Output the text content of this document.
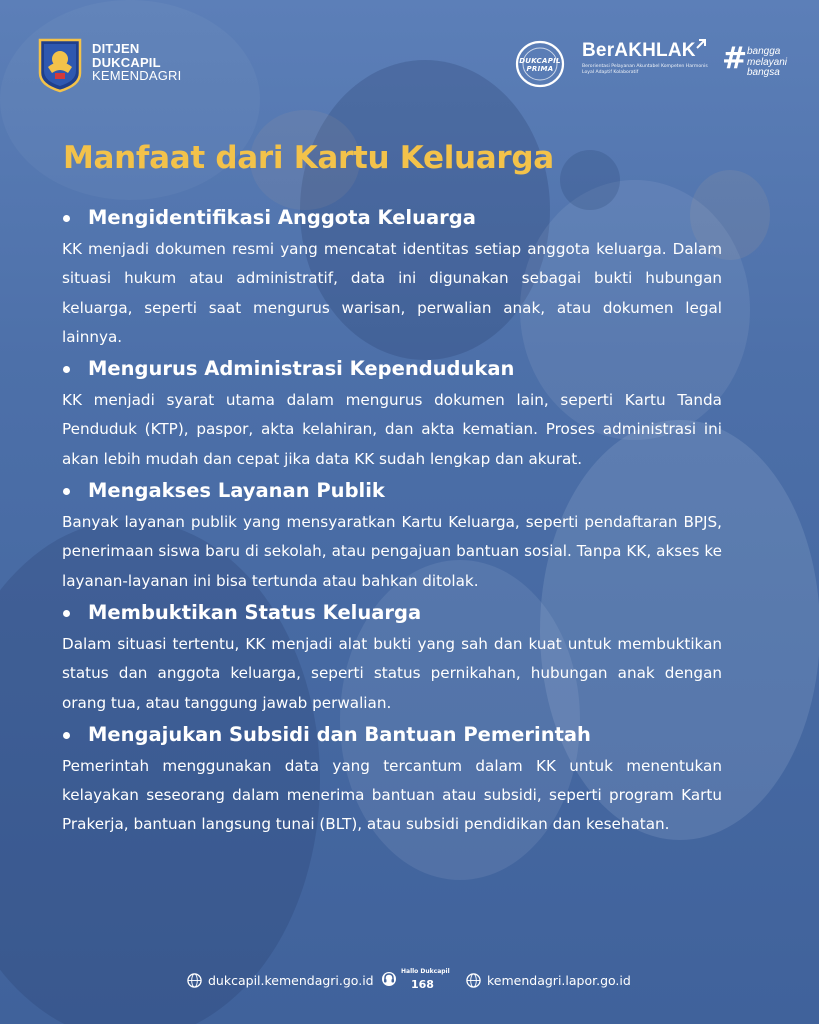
DITJEN
DUKCAPIL
KEMENDAGRI
DUKCAPIL PRIMA
BerAKHLAK
Berorientasi Pelayanan Akuntabel Kompeten Harmonis Loyal Adaptif Kolaboratif	# bangga
melayani
bangsa
Manfaat dari Kartu Keluarga
Mengidentifikasi Anggota Keluarga
KK menjadi dokumen resmi yang mencatat identitas setiap anggota keluarga. Dalam situasi hukum atau administratif, data ini digunakan sebagai bukti hubungan keluarga, seperti saat mengurus warisan, perwalian anak, atau dokumen legal lainnya.
Mengurus Administrasi Kependudukan
KK menjadi syarat utama dalam mengurus dokumen lain, seperti Kartu Tanda Penduduk (KTP), paspor, akta kelahiran, dan akta kematian. Proses administrasi ini akan lebih mudah dan cepat jika data KK sudah lengkap dan akurat.
Mengakses Layanan Publik
Banyak layanan publik yang mensyaratkan Kartu Keluarga, seperti pendaftaran BPJS, penerimaan siswa baru di sekolah, atau pengajuan bantuan sosial. Tanpa KK, akses ke layanan-layanan ini bisa tertunda atau bahkan ditolak.
Membuktikan Status Keluarga
Dalam situasi tertentu, KK menjadi alat bukti yang sah dan kuat untuk membuktikan status dan anggota keluarga, seperti status pernikahan, hubungan anak dengan orang tua, atau tanggung jawab perwalian.
Mengajukan Subsidi dan Bantuan Pemerintah
Pemerintah menggunakan data yang tercantum dalam KK untuk menentukan kelayakan seseorang dalam menerima bantuan atau subsidi, seperti program Kartu Prakerja, bantuan langsung tunai (BLT), atau subsidi pendidikan dan kesehatan.
dukcapil.kemendagri.go.id
Hallo Dukcapil
168	kemendagri.lapor.go.id
